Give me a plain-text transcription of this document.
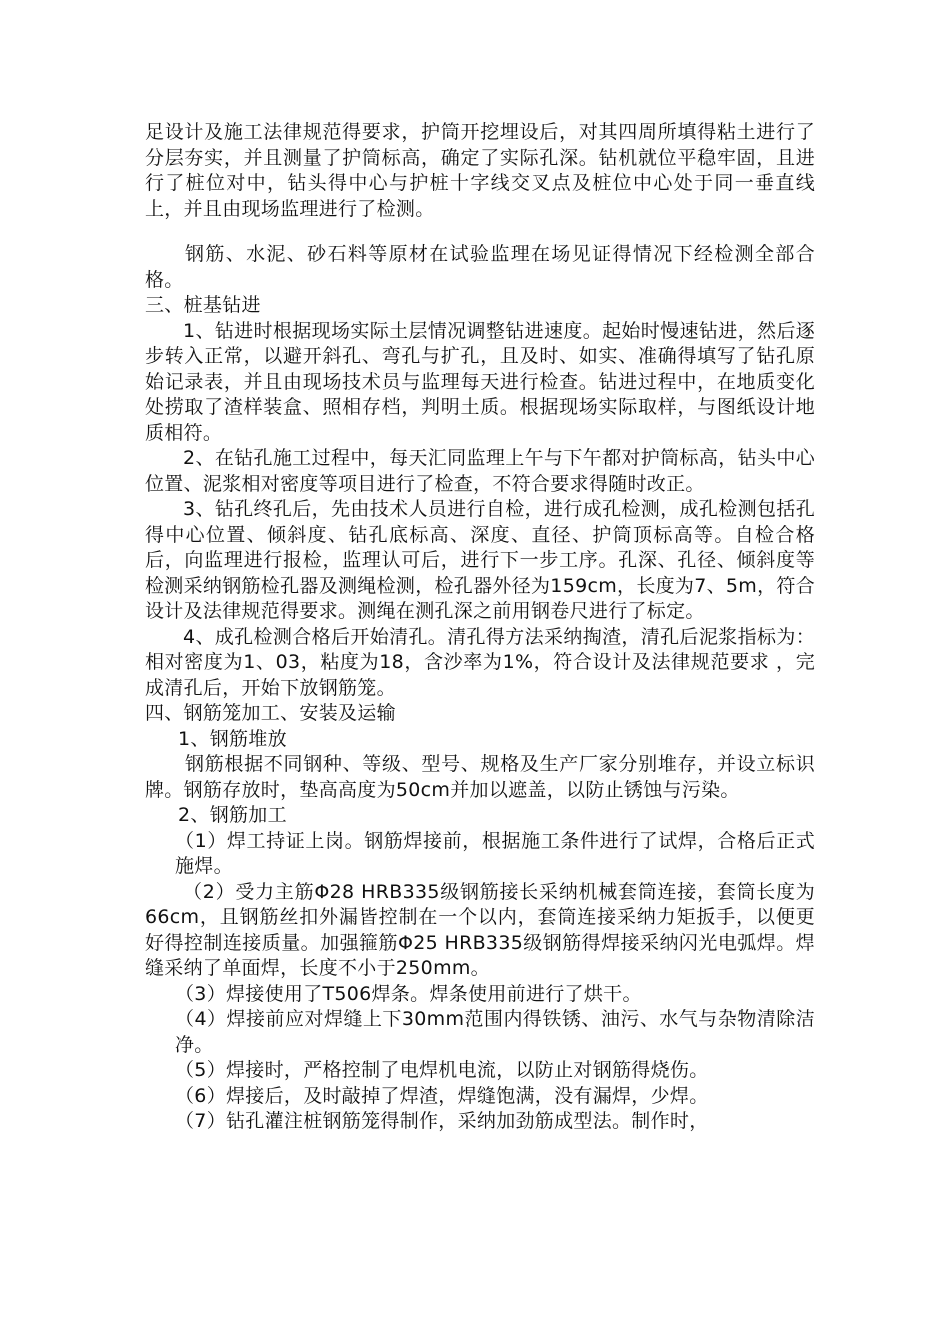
足设计及施工法律规范得要求，护筒开挖埋设后，对其四周所填得粘土进行了分层夯实，并且测量了护筒标高，确定了实际孔深。钻机就位平稳牢固，且进行了桩位对中，钻头得中心与护桩十字线交叉点及桩位中心处于同一垂直线上，并且由现场监理进行了检测。

钢筋、水泥、砂石料等原材在试验监理在场见证得情况下经检测全部合格。

三、桩基钻进

1、钻进时根据现场实际土层情况调整钻进速度。起始时慢速钻进，然后逐步转入正常，以避开斜孔、弯孔与扩孔，且及时、如实、准确得填写了钻孔原始记录表，并且由现场技术员与监理每天进行检查。钻进过程中，在地质变化处捞取了渣样装盒、照相存档，判明土质。根据现场实际取样，与图纸设计地质相符。

2、在钻孔施工过程中，每天汇同监理上午与下午都对护筒标高，钻头中心位置、泥浆相对密度等项目进行了检查，不符合要求得随时改正。

3、钻孔终孔后，先由技术人员进行自检，进行成孔检测，成孔检测包括孔得中心位置、倾斜度、钻孔底标高、深度、直径、护筒顶标高等。自检合格后，向监理进行报检，监理认可后，进行下一步工序。孔深、孔径、倾斜度等检测采纳钢筋检孔器及测绳检测，检孔器外径为159cm，长度为7、5m，符合设计及法律规范得要求。测绳在测孔深之前用钢卷尺进行了标定。

4、成孔检测合格后开始清孔。清孔得方法采纳掏渣，清孔后泥浆指标为：相对密度为1、03，粘度为18，含沙率为1%，符合设计及法律规范要求 ，完成清孔后，开始下放钢筋笼。

四、钢筋笼加工、安装及运输

1、钢筋堆放

钢筋根据不同钢种、等级、型号、规格及生产厂家分别堆存，并设立标识牌。钢筋存放时，垫高高度为50cm并加以遮盖，以防止锈蚀与污染。

2、钢筋加工

（1）焊工持证上岗。钢筋焊接前，根据施工条件进行了试焊，合格后正式施焊。

（2）受力主筋Φ28 HRB335级钢筋接长采纳机械套筒连接，套筒长度为66cm，且钢筋丝扣外漏皆控制在一个以内，套筒连接采纳力矩扳手，以便更好得控制连接质量。加强箍筋Φ25 HRB335级钢筋得焊接采纳闪光电弧焊。焊缝采纳了单面焊，长度不小于250mm。

（3）焊接使用了T506焊条。焊条使用前进行了烘干。

（4）焊接前应对焊缝上下30mm范围内得铁锈、油污、水气与杂物清除洁净。

（5）焊接时，严格控制了电焊机电流，以防止对钢筋得烧伤。

（6）焊接后，及时敲掉了焊渣，焊缝饱满，没有漏焊，少焊。

（7）钻孔灌注桩钢筋笼得制作，采纳加劲筋成型法。制作时，
